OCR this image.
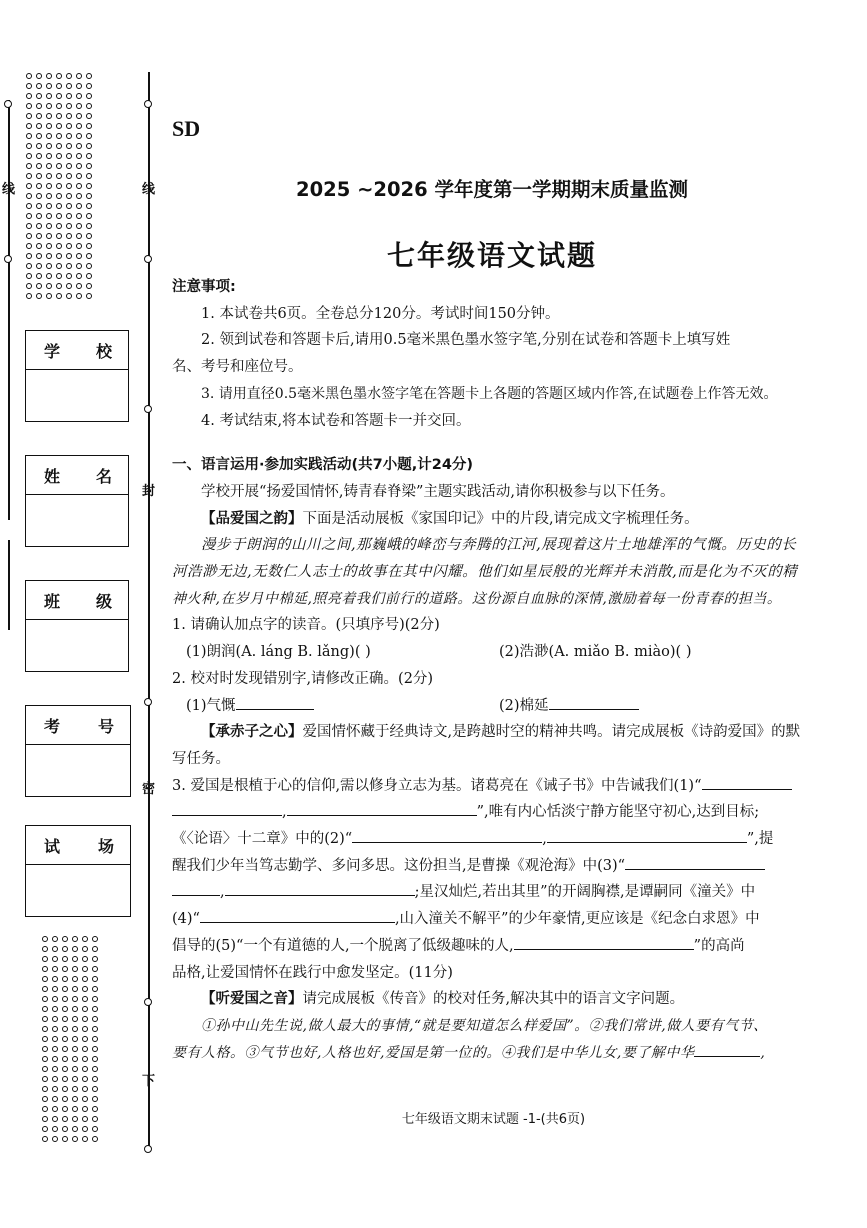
线	线
封
密
下
学 校
姓 名
班 级
考 号
试 场
SD
2025 ~2026 学年度第一学期期末质量监测
七年级语文试题

注意事项:

1. 本试卷共6页。全卷总分120分。考试时间150分钟。

2. 领到试卷和答题卡后,请用0.5毫米黑色墨水签字笔,分别在试卷和答题卡上填写姓

名、考号和座位号。

3. 请用直径0.5毫米黑色墨水签字笔在答题卡上各题的答题区域内作答,在试题卷上作答无效。

4. 考试结束,将本试卷和答题卡一并交回。

一、语言运用·参加实践活动(共7小题,计24分)

学校开展“扬爱国情怀,铸青春脊梁”主题实践活动,请你积极参与以下任务。

【品爱国之韵】下面是活动展板《家国印记》中的片段,请完成文字梳理任务。

漫步于朗润的山川之间,那巍峨的峰峦与奔腾的江河,展现着这片土地雄浑的气慨。历史的长

河浩渺无边,无数仁人志士的故事在其中闪耀。他们如星辰般的光辉并未消散,而是化为不灭的精

神火种,在岁月中棉延,照亮着我们前行的道路。这份源自血脉的深情,激励着每一份青春的担当。

1. 请确认加点字的读音。(只填序号)(2分)

(1)朗润(A. láng B. lǎng)( )	(2)浩渺(A. miǎo B. miào)( )

2. 校对时发现错别字,请修改正确。(2分)

(1)气慨	(2)棉延

【承赤子之心】爱国情怀藏于经典诗文,是跨越时空的精神共鸣。请完成展板《诗韵爱国》的默

写任务。

3. 爱国是根植于心的信仰,需以修身立志为基。诸葛亮在《诫子书》中告诫我们(1)“

,	”,唯有内心恬淡宁静方能坚守初心,达到目标;

《〈论语〉十二章》中的(2)“	,	”,提

醒我们少年当笃志勤学、多问多思。这份担当,是曹操《观沧海》中(3)“

,	;星汉灿烂,若出其里”的开阔胸襟,是谭嗣同《潼关》中

(4)“	,山入潼关不解平”的少年豪情,更应该是《纪念白求恩》中

倡导的(5)“一个有道德的人,一个脱离了低级趣味的人,	”的高尚

品格,让爱国情怀在践行中愈发坚定。(11分)

【听爱国之音】请完成展板《传音》的校对任务,解决其中的语言文字问题。

①孙中山先生说,做人最大的事情,“就是要知道怎么样爱国”。②我们常讲,做人要有气节、

要有人格。③气节也好,人格也好,爱国是第一位的。④我们是中华儿女,要了解中华	,

七年级语文期末试题 -1-(共6页)
